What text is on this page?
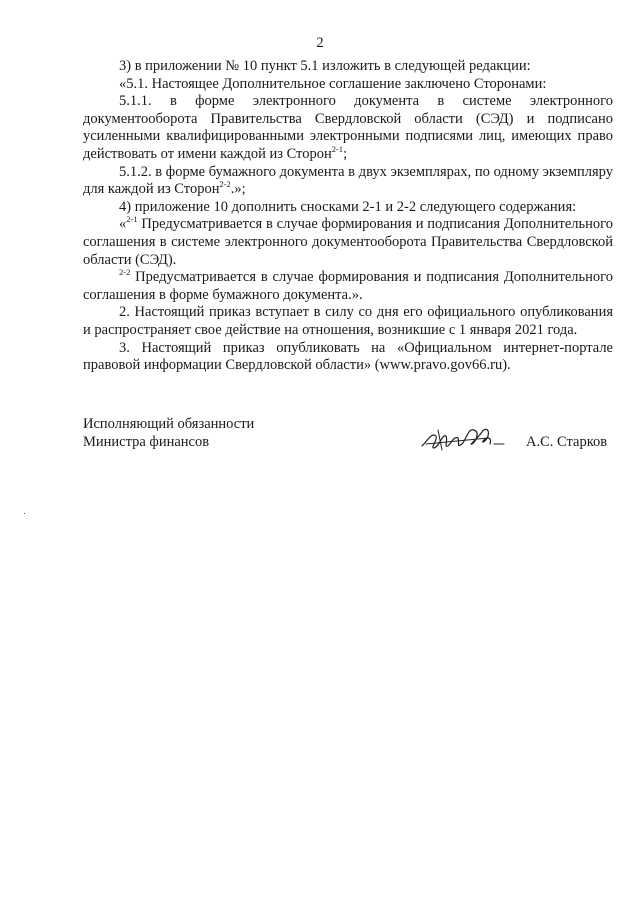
2

3) в приложении № 10 пункт 5.1 изложить в следующей редакции:

«5.1. Настоящее Дополнительное соглашение заключено Сторонами:

5.1.1. в форме электронного документа в системе электронного документооборота Правительства Свердловской области (СЭД) и подписано усиленными квалифицированными электронными подписями лиц, имеющих право действовать от имени каждой из Сторон$^{2-1}$;

5.1.2. в форме бумажного документа в двух экземплярах, по одному экземпляру для каждой из Сторон$^{2-2}$.»;

4) приложение 10 дополнить сносками 2-1 и 2-2 следующего содержания:

«$^{2-1}$ Предусматривается в случае формирования и подписания Дополнительного соглашения в системе электронного документооборота Правительства Свердловской области (СЭД).

$^{2-2}$ Предусматривается в случае формирования и подписания Дополнительного соглашения в форме бумажного документа.».

2. Настоящий приказ вступает в силу со дня его официального опубликования и распространяет свое действие на отношения, возникшие с 1 января 2021 года.

3. Настоящий приказ опубликовать на «Официальном интернет-портале правовой информации Свердловской области» (www.pravo.gov66.ru).

Исполняющий обязанности
Министра финансов	А.С. Старков
